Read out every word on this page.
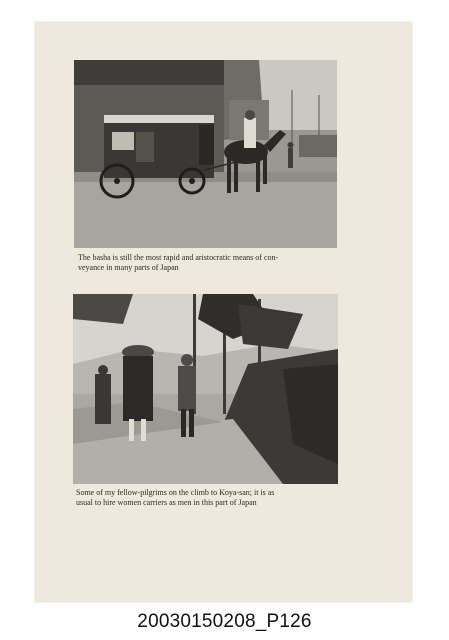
The basha is still the most rapid and aristocratic means of con-
veyance in many parts of Japan
Some of my fellow-pilgrims on the climb to Koya-san; it is as
usual to hire women carriers as men in this part of Japan
20030150208_P126
